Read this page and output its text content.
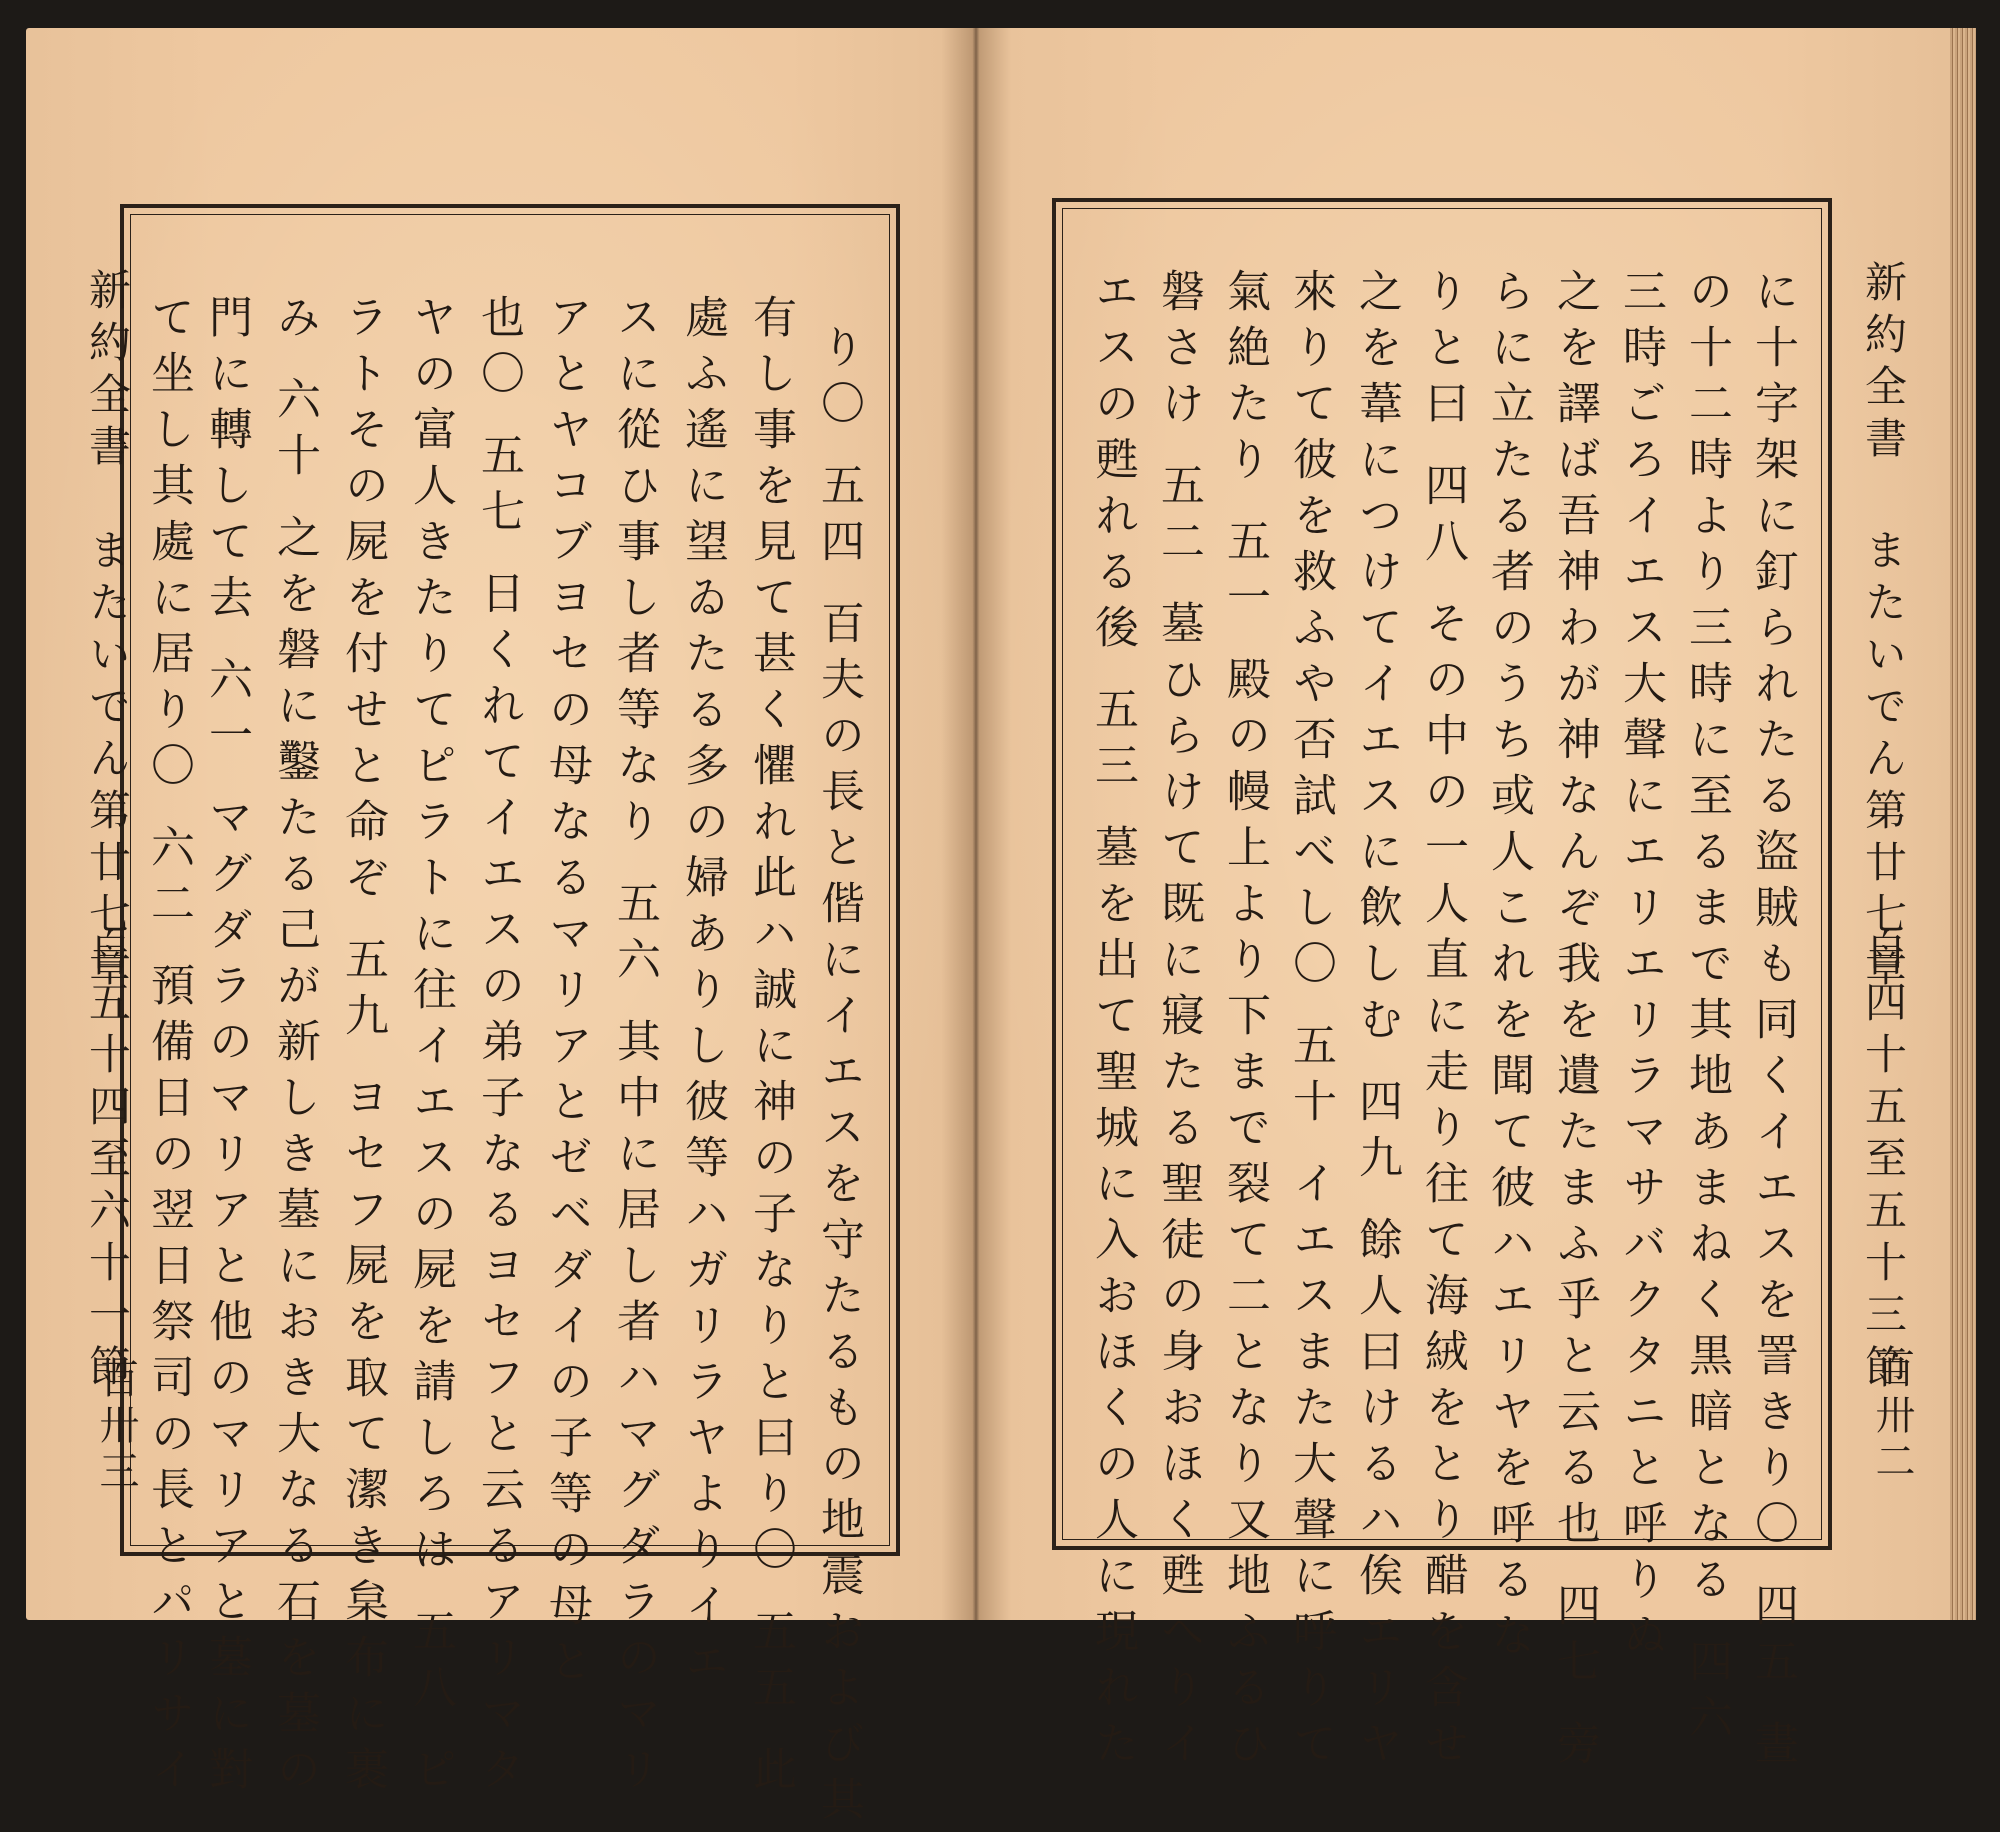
新約全書
またいでん第廿七章
自五十四至六十一節
百卅三	り〇 五四 百夫の長と偕にイエスを守たるもの地震および其
有し事を見て甚く懼れ此ハ誠に神の子なりと曰り〇 五五 此
處ふ遙に望ゐたる多の婦ありし彼等ハガリラヤよりイエ
スに從ひ事し者等なり 五六 其中に居し者ハマグダラのマリ
アとヤコブヨセの母なるマリアとゼベダイの子等の母と
也〇 五七 日くれてイエスの弟子なるヨセフと云るアリマタ
ヤの富人きたりてピラトに往イエスの屍を請しろは 五八 ピ
ラトその屍を付せと命ぞ 五九 ヨセフ屍を取て潔き枲布に裹
み 六十 之を磐に鑿たる己が新しき墓におき大なる石を墓の
門に轉して去 六一 マグダラのマリアと他のマリアと墓に對
て坐し其處に居り〇 六二 預備日の翌日祭司の長とパリサイ	新約全書
またいでん第廿七章
自四十五至五十三節
百卅二
に十字架に釘られたる盜賊も同くイエスを詈きり〇 四五 晝
の十二時より三時に至るまで其地あまねく黒暗となる 四六
三時ごろイエス大聲にエリエリラマサバクタニと呼りぬ
之を譯ば吾神わが神なんぞ我を遺たまふ乎と云る也 四七 旁
らに立たる者のうち或人これを聞て彼ハエリヤを呼るな
りと曰 四八 その中の一人直に走り往て海絨をとり醋を含せ
之を葦につけてイエスに飲しむ 四九 餘人曰けるハ俟エリヤ
來りて彼を救ふや否試べし〇 五十 イエスまた大聲に呼りて
氣絶たり 五一 殿の幔上より下まで裂て二となり又地ふるひ
磐さけ 五二 墓ひらけて既に寢たる聖徒の身おほく甦へりイ
エスの甦れる後 五三 墓を出て聖城に入おほくの人に現れた
